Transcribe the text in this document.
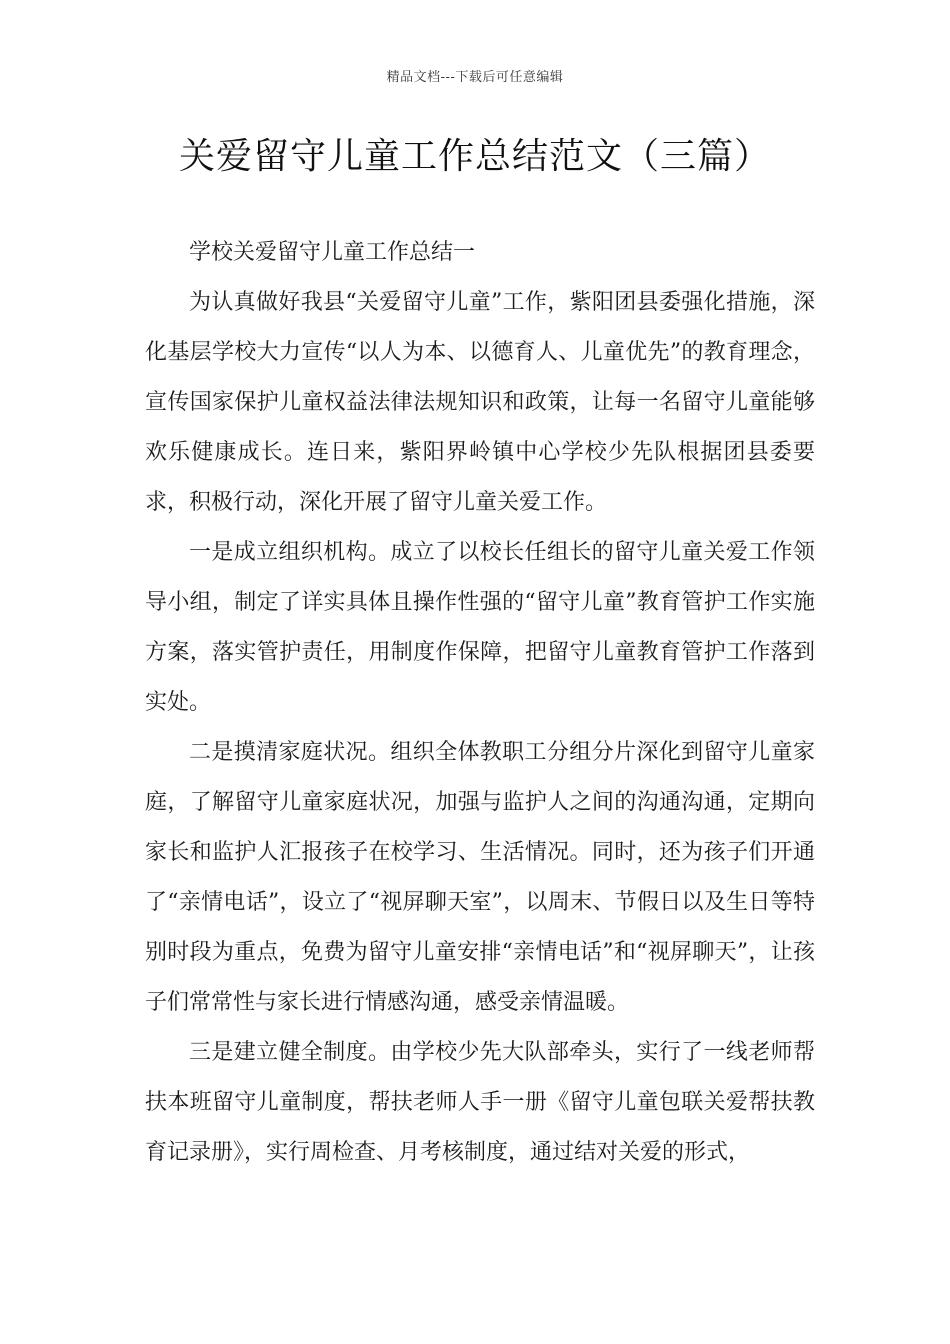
精品文档---下载后可任意编辑
关爱留守儿童工作总结范文（三篇）

学校关爱留守儿童工作总结一

为认真做好我县“关爱留守儿童”工作，紫阳团县委强化措施，深化基层学校大力宣传“以人为本、以德育人、儿童优先”的教育理念，宣传国家保护儿童权益法律法规知识和政策，让每一名留守儿童能够欢乐健康成长。连日来，紫阳界岭镇中心学校少先队根据团县委要求，积极行动，深化开展了留守儿童关爱工作。

一是成立组织机构。成立了以校长任组长的留守儿童关爱工作领导小组，制定了详实具体且操作性强的“留守儿童”教育管护工作实施方案，落实管护责任，用制度作保障，把留守儿童教育管护工作落到实处。

二是摸清家庭状况。组织全体教职工分组分片深化到留守儿童家庭，了解留守儿童家庭状况，加强与监护人之间的沟通沟通，定期向家长和监护人汇报孩子在校学习、生活情况。同时，还为孩子们开通了“亲情电话”，设立了“视屏聊天室”，以周末、节假日以及生日等特别时段为重点，免费为留守儿童安排“亲情电话”和“视屏聊天”，让孩子们常常性与家长进行情感沟通，感受亲情温暖。

三是建立健全制度。由学校少先大队部牵头，实行了一线老师帮扶本班留守儿童制度，帮扶老师人手一册《留守儿童包联关爱帮扶教育记录册》，实行周检查、月考核制度，通过结对关爱的形式，
